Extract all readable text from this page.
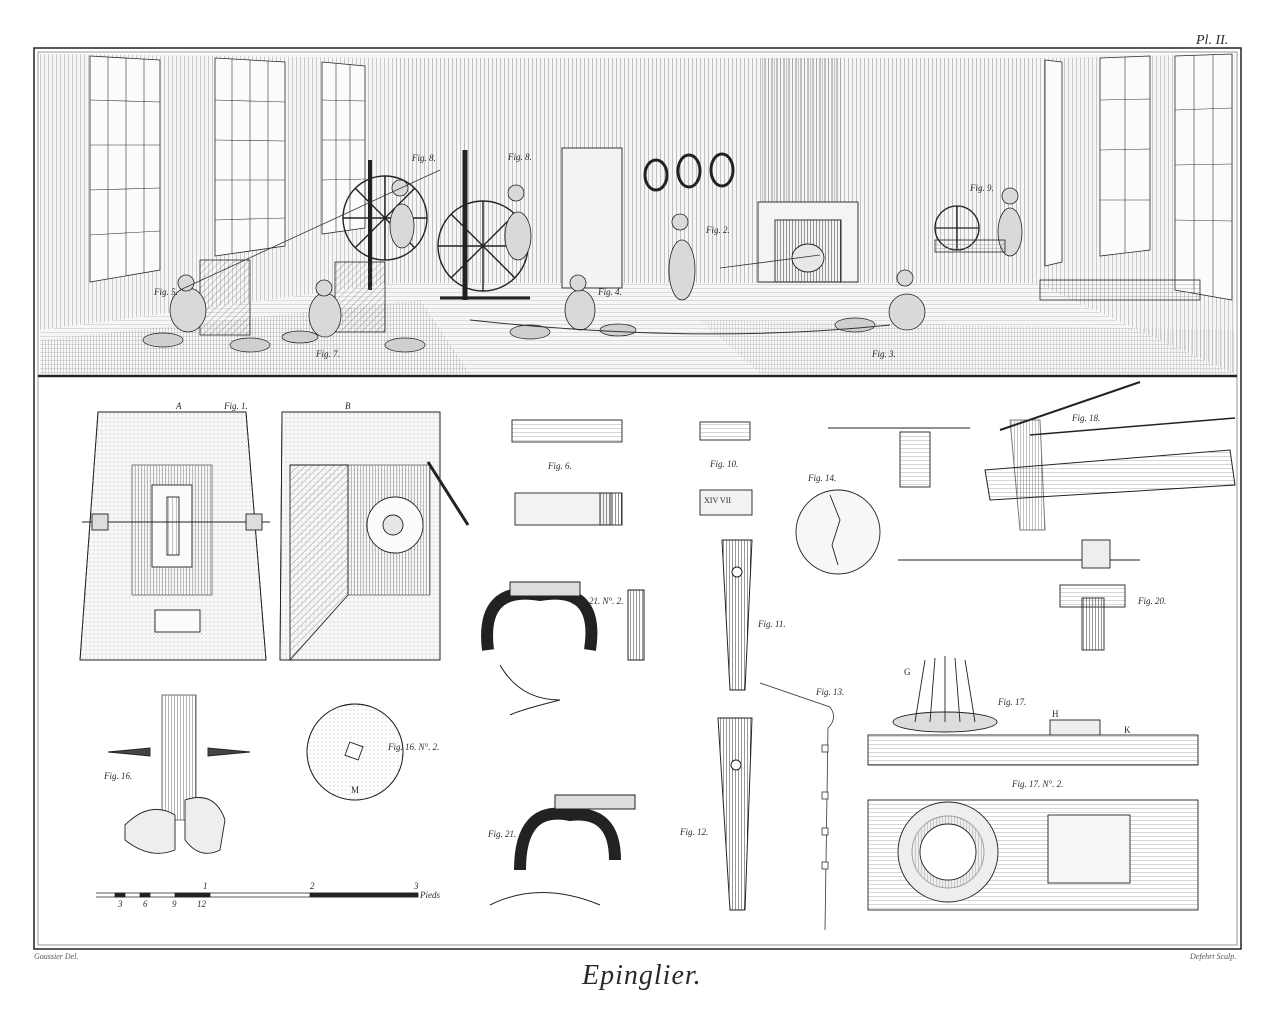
Pl. II.
Fig. 5.
Fig. 7.
Fig. 8.	Fig. 8.
Fig. 4.
Fig. 2.
Fig. 3.
Fig. 9.
A	Fig. 1.	B
Fig. 16.
Fig. 16. N°. 2.
M
Fig. 6.	Fig. 10.
XIV VII
Fig. 21. N°. 2.
Fig. 21.
Fig. 11.
Fig. 12.
Fig. 13.
Fig. 14.
Fig. 18.
Fig. 20.
Fig. 17.
Fig. 17. N°. 2.
G
H
K
1	2	3
3 6	9 12
Pieds
Goussier Del.	Defehrt Sculp.
Epinglier.
